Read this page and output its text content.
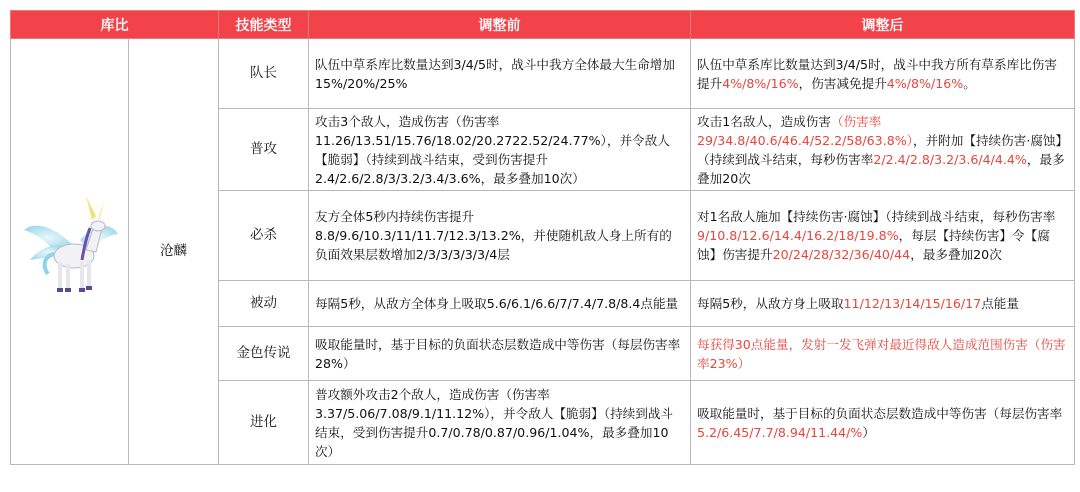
库比		技能类型	调整前	调整后
	沧麟	队长	队伍中草系库比数量达到3/4/5时，战斗中我方全体最大生命增加15%/20%/25%	队伍中草系库比数量达到3/4/5时，战斗中我方所有草系库比伤害提升4%/8%/16%，伤害减免提升4%/8%/16%。
		普攻	攻击3个敌人，造成伤害（伤害率11.26/13.51/15.76/18.02/20.2722.52/24.77%），并令敌人【脆弱】（持续到战斗结束，受到伤害提升2.4/2.6/2.8/3/3.2/3.4/3.6%，最多叠加10次）	攻击1名敌人，造成伤害（伤害率29/34.8/40.6/46.4/52.2/58/63.8%），并附加【持续伤害·腐蚀】（持续到战斗结束，每秒伤害率2/2.4/2.8/3.2/3.6/4/4.4%，最多叠加20次
		必杀	友方全体5秒内持续伤害提升8.8/9.6/10.3/11/11.7/12.3/13.2%，并使随机敌人身上所有的负面效果层数增加2/3/3/3/3/3/4层	对1名敌人施加【持续伤害·腐蚀】（持续到战斗结束，每秒伤害率9/10.8/12.6/14.4/16.2/18/19.8%，每层【持续伤害】令【腐蚀】伤害提升20/24/28/32/36/40/44，最多叠加20次
		被动	每隔5秒，从敌方全体身上吸取5.6/6.1/6.6/7/7.4/7.8/8.4点能量	每隔5秒，从敌方身上吸取11/12/13/14/15/16/17点能量
		金色传说	吸取能量时，基于目标的负面状态层数造成中等伤害（每层伤害率28%）	每获得30点能量，发射一发飞弹对最近得敌人造成范围伤害（伤害率23%）
		进化	普攻额外攻击2个敌人，造成伤害（伤害率3.37/5.06/7.08/9.1/11.12%），并令敌人【脆弱】（持续到战斗结束，受到伤害提升0.7/0.78/0.87/0.96/1.04%，最多叠加10次）	吸取能量时，基于目标的负面状态层数造成中等伤害（每层伤害率5.2/6.45/7.7/8.94/11.44/%）
